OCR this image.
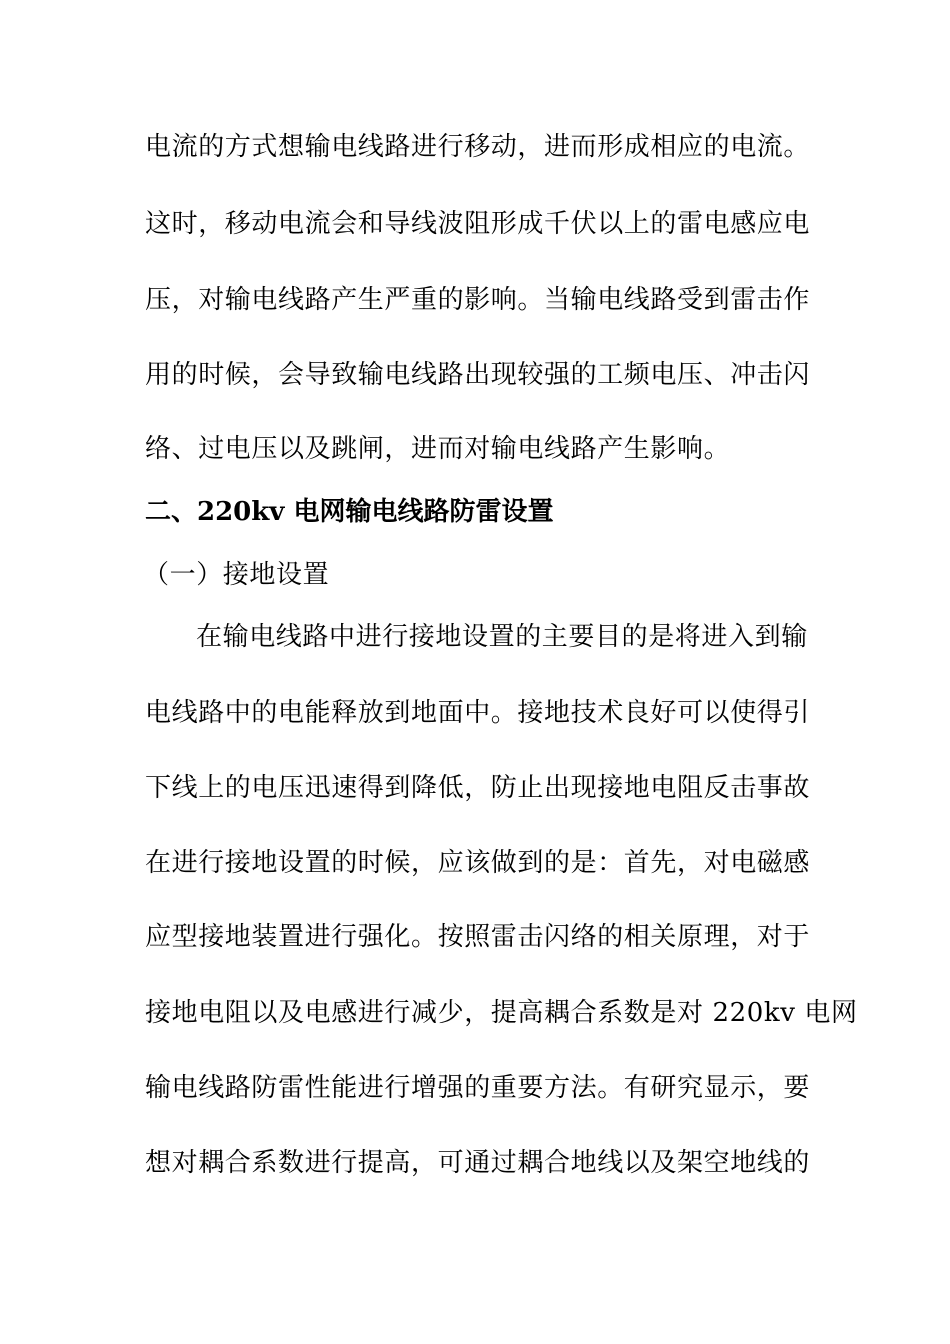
电流的方式想输电线路进行移动，进而形成相应的电流。
这时，移动电流会和导线波阻形成千伏以上的雷电感应电
压，对输电线路产生严重的影响。当输电线路受到雷击作
用的时候，会导致输电线路出现较强的工频电压、冲击闪
络、过电压以及跳闸，进而对输电线路产生影响。
二、220kv 电网输电线路防雷设置
（一）接地设置
在输电线路中进行接地设置的主要目的是将进入到输
电线路中的电能释放到地面中。接地技术良好可以使得引
下线上的电压迅速得到降低，防止出现接地电阻反击事故
在进行接地设置的时候，应该做到的是：首先，对电磁感
应型接地装置进行强化。按照雷击闪络的相关原理，对于
接地电阻以及电感进行减少，提高耦合系数是对 220kv 电网
输电线路防雷性能进行增强的重要方法。有研究显示，要
想对耦合系数进行提高，可通过耦合地线以及架空地线的
